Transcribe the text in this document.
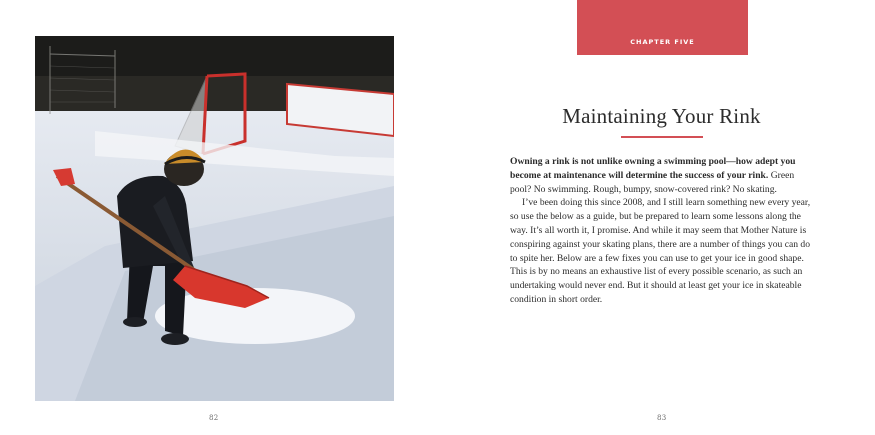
82
CHAPTER FIVE
Maintaining Your Rink

Owning a rink is not unlike owning a swimming pool—how adept you become at maintenance will determine the success of your rink. Green pool? No swimming. Rough, bumpy, snow-covered rink? No skating.

I’ve been doing this since 2008, and I still learn something new every year, so use the below as a guide, but be prepared to learn some lessons along the way. It’s all worth it, I promise. And while it may seem that Mother Nature is conspiring against your skating plans, there are a number of things you can do to spite her. Below are a few fixes you can use to get your ice in good shape. This is by no means an exhaustive list of every possible scenario, as such an undertaking would never end. But it should at least get your ice in skateable condition in short order.

83
